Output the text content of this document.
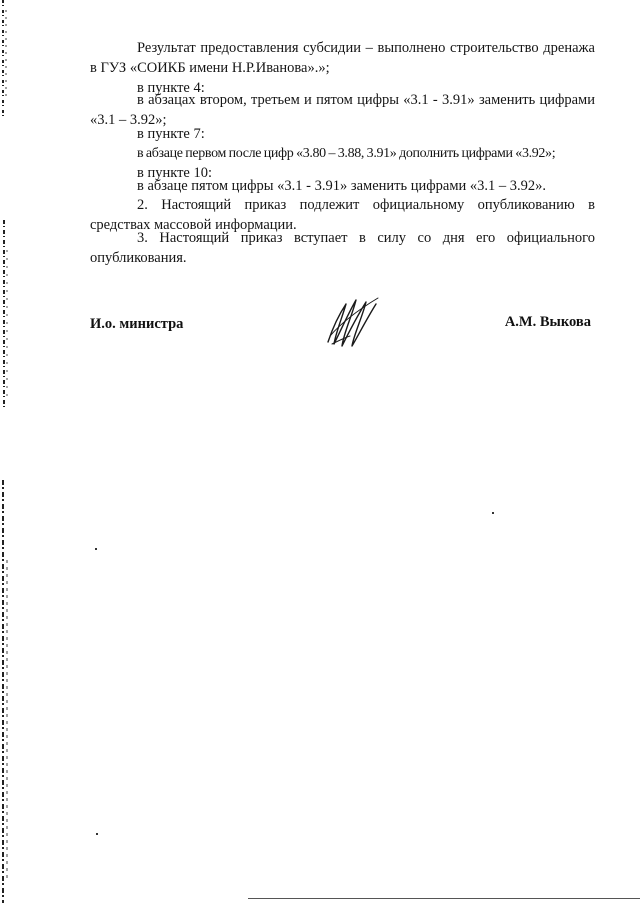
Результат предоставления субсидии – выполнено строительство дренажа в ГУЗ «СОИКБ имени Н.Р.Иванова».»;

в пункте 4:

в абзацах втором, третьем и пятом цифры «3.1 - 3.91» заменить цифрами «3.1 – 3.92»;

в пункте 7:

в абзаце первом после цифр «3.80 – 3.88, 3.91» дополнить цифрами «3.92»;

в пункте 10:

в абзаце пятом цифры «3.1 - 3.91» заменить цифрами «3.1 – 3.92».

2. Настоящий приказ подлежит официальному опубликованию в средствах массовой информации.

3. Настоящий приказ вступает в силу со дня его официального опубликования.

И.о. министра	А.М. Выкова
